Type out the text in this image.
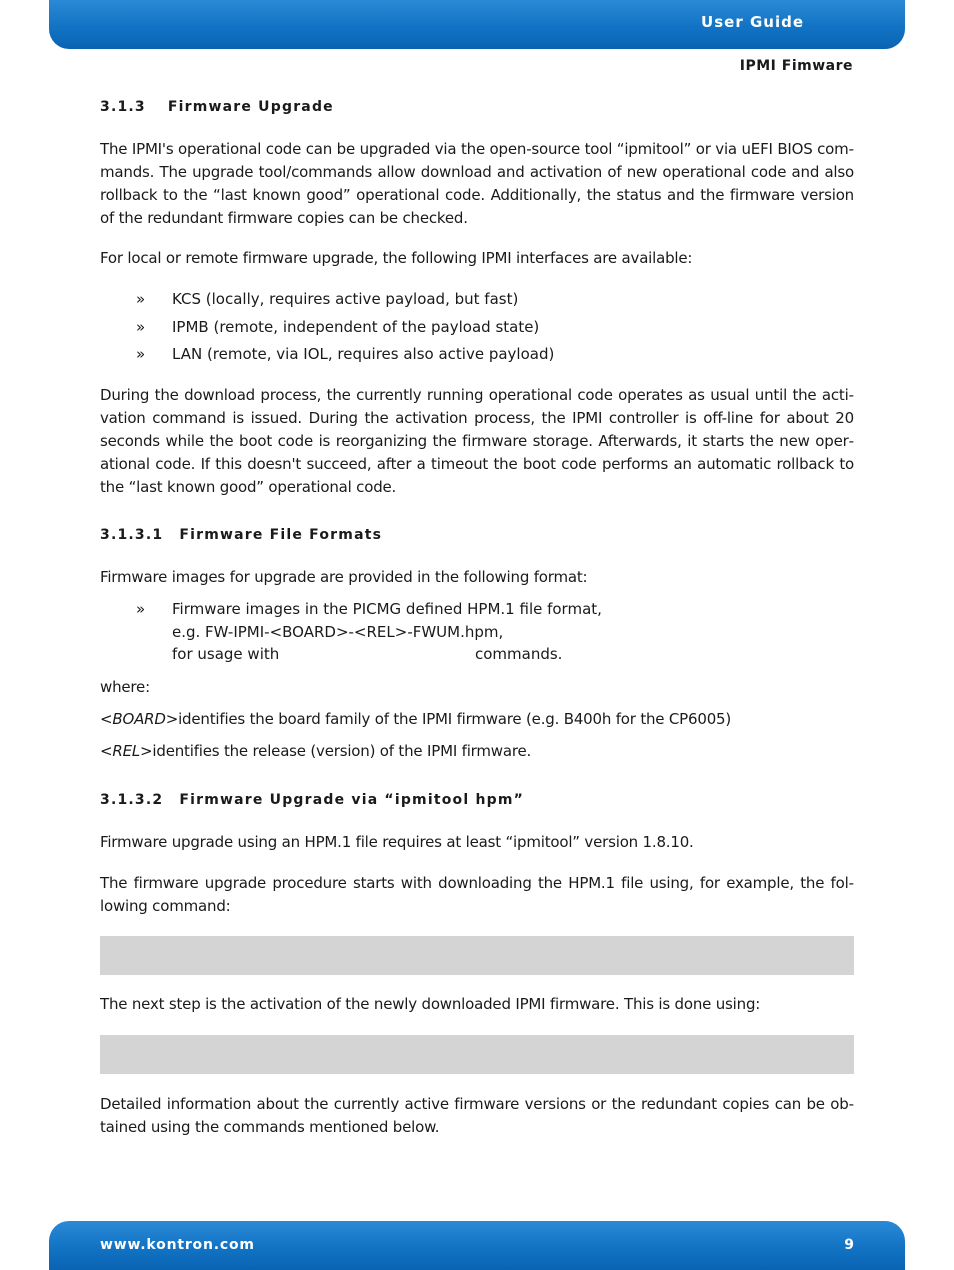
User Guide
IPMI Fimware
3.1.3 Firmware Upgrade
The IPMI's operational code can be upgraded via the open-source tool “ipmitool” or via uEFI BIOS commands. The upgrade tool/commands allow download and activation of new operational code and also rollback to the “last known good” operational code. Additionally, the status and the firmware version of the redundant firmware copies can be checked.
For local or remote firmware upgrade, the following IPMI interfaces are available:
» KCS (locally, requires active payload, but fast)
» IPMB (remote, independent of the payload state)
» LAN (remote, via IOL, requires also active payload)
During the download process, the currently running operational code operates as usual until the activation command is issued. During the activation process, the IPMI controller is off-line for about 20 seconds while the boot code is reorganizing the firmware storage. Afterwards, it starts the new operational code. If this doesn't succeed, after a timeout the boot code performs an automatic rollback to the “last known good” operational code.
3.1.3.1 Firmware File Formats
Firmware images for upgrade are provided in the following format:
» Firmware images in the PICMG defined HPM.1 file format,
e.g. FW-IPMI-<BOARD>-<REL>-FWUM.hpm,
for usage with	commands.
where:
<BOARD>identifies the board family of the IPMI firmware (e.g. B400h for the CP6005)
<REL>identifies the release (version) of the IPMI firmware.
3.1.3.2 Firmware Upgrade via “ipmitool hpm”
Firmware upgrade using an HPM.1 file requires at least “ipmitool” version 1.8.10.
The firmware upgrade procedure starts with downloading the HPM.1 file using, for example, the following command:
The next step is the activation of the newly downloaded IPMI firmware. This is done using:
Detailed information about the currently active firmware versions or the redundant copies can be obtained using the commands mentioned below.
www.kontron.com	9
